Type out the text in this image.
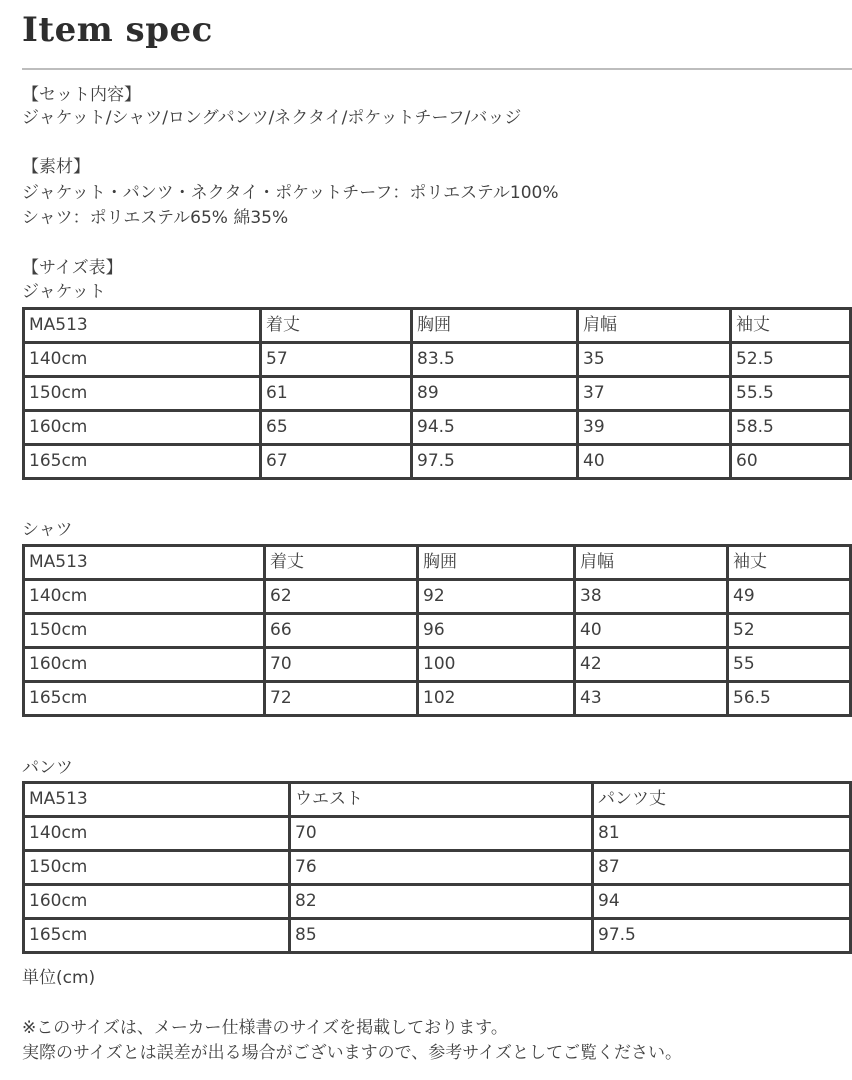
Item spec
【セット内容】
ジャケット/シャツ/ロングパンツ/ネクタイ/ポケットチーフ/バッジ
【素材】
ジャケット・パンツ・ネクタイ・ポケットチーフ：ポリエステル100%
シャツ：ポリエステル65% 綿35%
【サイズ表】
ジャケット
MA513	着丈	胸囲	肩幅	袖丈
140cm	57	83.5	35	52.5
150cm	61	89	37	55.5
160cm	65	94.5	39	58.5
165cm	67	97.5	40	60
シャツ
MA513	着丈	胸囲	肩幅	袖丈
140cm	62	92	38	49
150cm	66	96	40	52
160cm	70	100	42	55
165cm	72	102	43	56.5
パンツ
MA513	ウエスト	パンツ丈
140cm	70	81
150cm	76	87
160cm	82	94
165cm	85	97.5
単位(cm)
※このサイズは、メーカー仕様書のサイズを掲載しております。
実際のサイズとは誤差が出る場合がございますので、参考サイズとしてご覧ください。
